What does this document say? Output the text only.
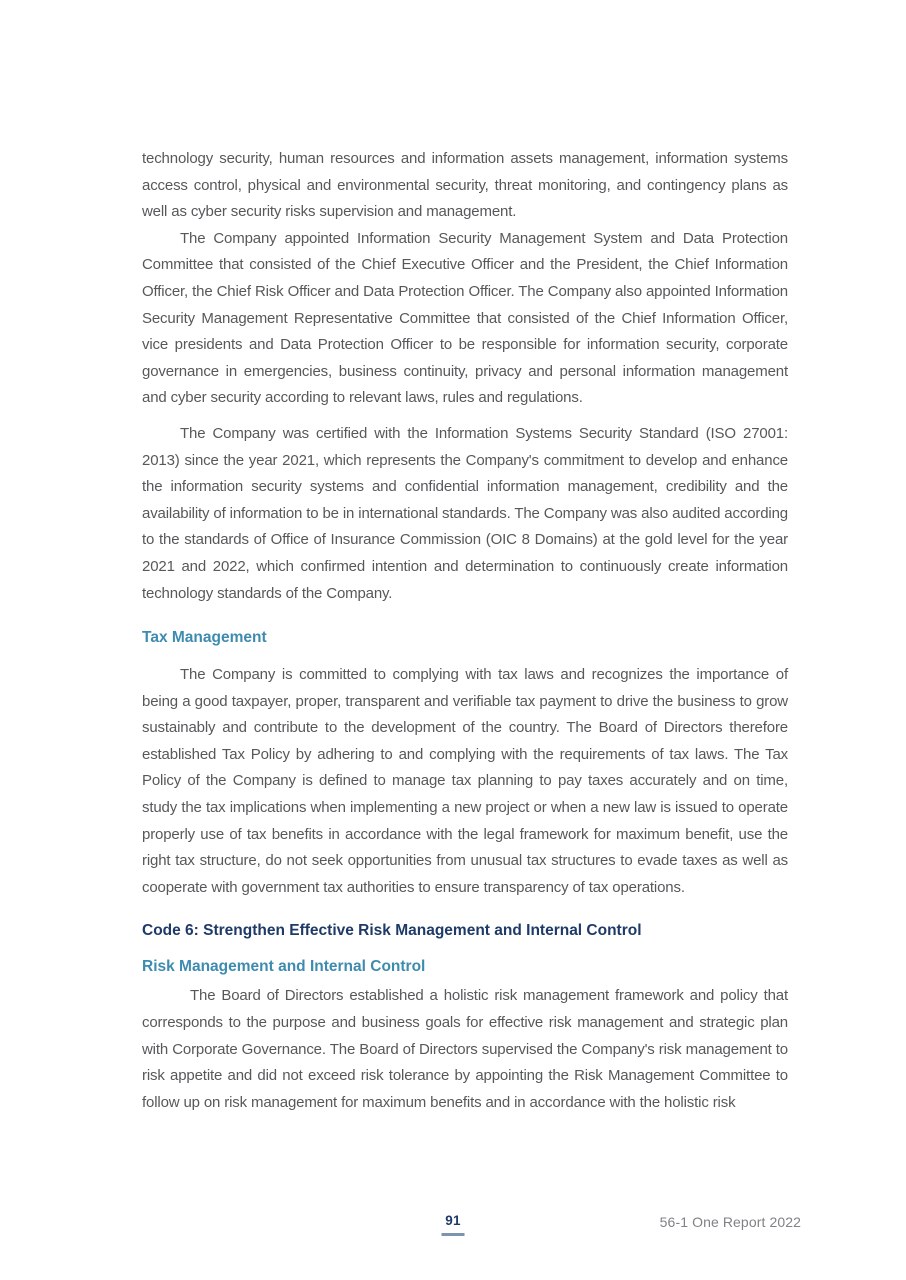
technology security, human resources and information assets management, information systems access control, physical and environmental security, threat monitoring, and contingency plans as well as cyber security risks supervision and management.

The Company appointed Information Security Management System and Data Protection Committee that consisted of the Chief Executive Officer and the President, the Chief Information Officer, the Chief Risk Officer and Data Protection Officer. The Company also appointed Information Security Management Representative Committee that consisted of the Chief Information Officer, vice presidents and Data Protection Officer to be responsible for information security, corporate governance in emergencies, business continuity, privacy and personal information management and cyber security according to relevant laws, rules and regulations.

The Company was certified with the Information Systems Security Standard (ISO 27001: 2013) since the year 2021, which represents the Company's commitment to develop and enhance the information security systems and confidential information management, credibility and the availability of information to be in international standards. The Company was also audited according to the standards of Office of Insurance Commission (OIC 8 Domains) at the gold level for the year 2021 and 2022, which confirmed intention and determination to continuously create information technology standards of the Company.

Tax Management

The Company is committed to complying with tax laws and recognizes the importance of being a good taxpayer, proper, transparent and verifiable tax payment to drive the business to grow sustainably and contribute to the development of the country. The Board of Directors therefore established Tax Policy by adhering to and complying with the requirements of tax laws. The Tax Policy of the Company is defined to manage tax planning to pay taxes accurately and on time, study the tax implications when implementing a new project or when a new law is issued to operate properly use of tax benefits in accordance with the legal framework for maximum benefit, use the right tax structure, do not seek opportunities from unusual tax structures to evade taxes as well as cooperate with government tax authorities to ensure transparency of tax operations.

Code 6: Strengthen Effective Risk Management and Internal Control
Risk Management and Internal Control

The Board of Directors established a holistic risk management framework and policy that corresponds to the purpose and business goals for effective risk management and strategic plan with Corporate Governance. The Board of Directors supervised the Company's risk management to risk appetite and did not exceed risk tolerance by appointing the Risk Management Committee to follow up on risk management for maximum benefits and in accordance with the holistic risk

91	56-1 One Report 2022
